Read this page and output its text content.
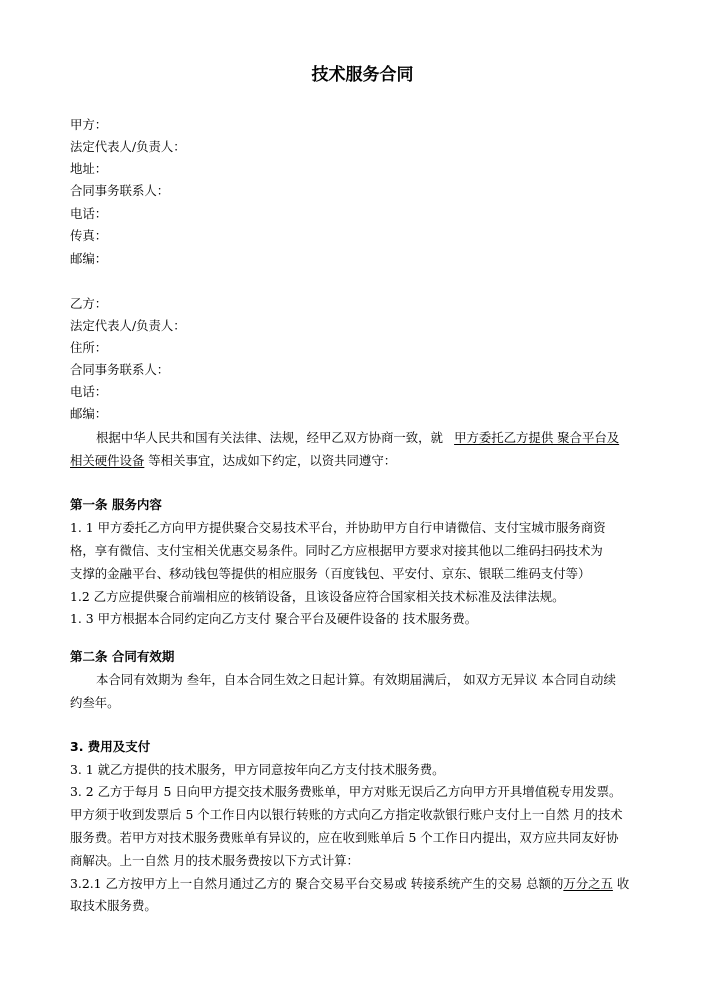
技术服务合同
甲方：
法定代表人/负责人：
地址：
合同事务联系人：
电话：
传真：
邮编：
乙方：
法定代表人/负责人：
住所：
合同事务联系人：
电话：
邮编：
根据中华人民共和国有关法律、法规，经甲乙双方协商一致，就 甲方委托乙方提供 聚合平台及
相关硬件设备 等相关事宜，达成如下约定，以资共同遵守：
第一条 服务内容
1. 1 甲方委托乙方向甲方提供聚合交易技术平台，并协助甲方自行申请微信、支付宝城市服务商资
格，享有微信、支付宝相关优惠交易条件。同时乙方应根据甲方要求对接其他以二维码扫码技术为
支撑的金融平台、移动钱包等提供的相应服务（百度钱包、平安付、京东、银联二维码支付等）
1.2 乙方应提供聚合前端相应的核销设备，且该设备应符合国家相关技术标准及法律法规。
1. 3 甲方根据本合同约定向乙方支付 聚合平台及硬件设备的 技术服务费。
第二条 合同有效期
本合同有效期为 叁年，自本合同生效之日起计算。有效期届满后， 如双方无异议 本合同自动续
约叁年。
3. 费用及支付
3. 1 就乙方提供的技术服务，甲方同意按年向乙方支付技术服务费。
3. 2 乙方于每月 5 日向甲方提交技术服务费账单，甲方对账无误后乙方向甲方开具增值税专用发票。
甲方须于收到发票后 5 个工作日内以银行转账的方式向乙方指定收款银行账户支付上一自然 月的技术
服务费。若甲方对技术服务费账单有异议的，应在收到账单后 5 个工作日内提出，双方应共同友好协
商解决。上一自然 月的技术服务费按以下方式计算：
3.2.1 乙方按甲方上一自然月通过乙方的 聚合交易平台交易或 转接系统产生的交易 总额的万分之五 收
取技术服务费。
